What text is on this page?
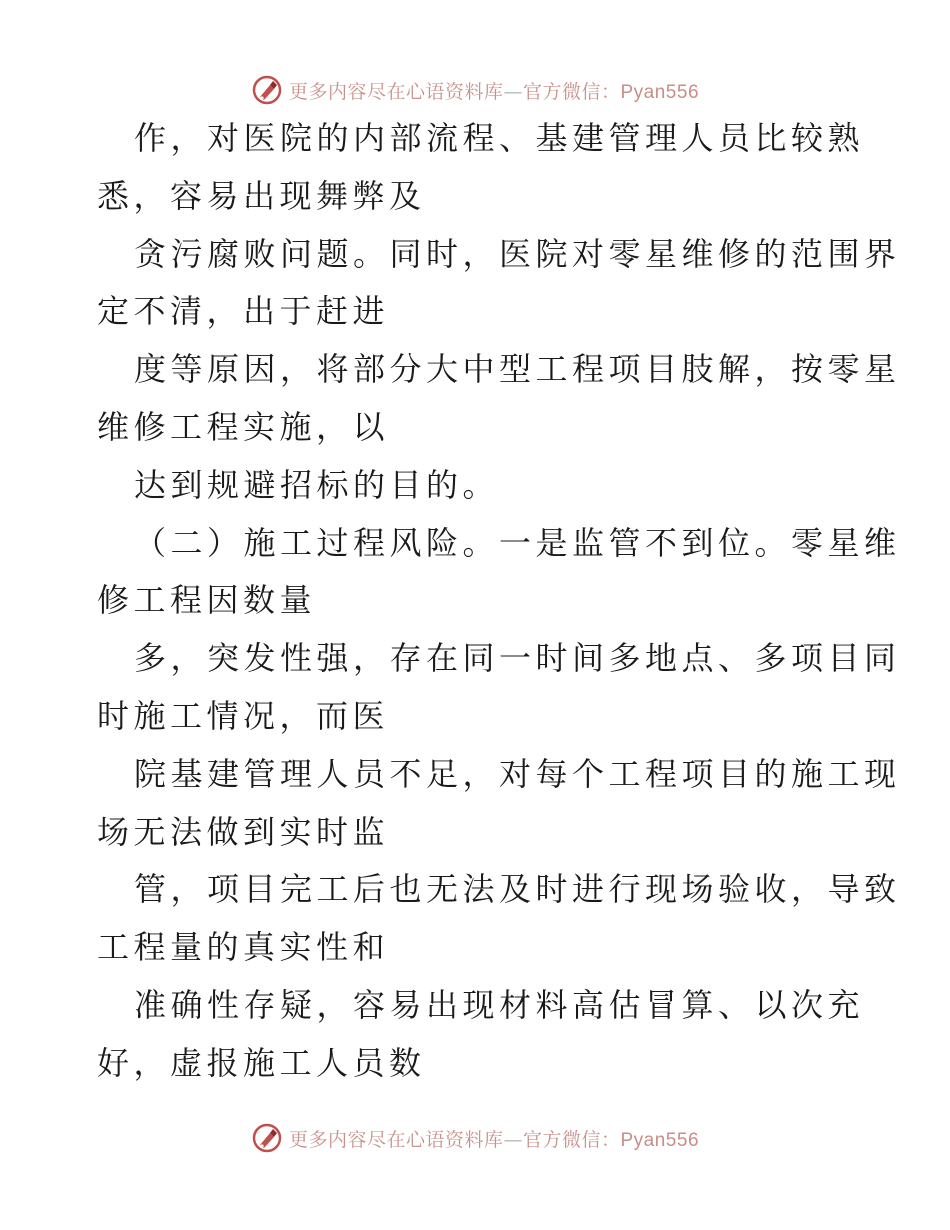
更多内容尽在心语资料库—官方微信：Pyan556
作，对医院的内部流程、基建管理人员比较熟
悉，容易出现舞弊及
贪污腐败问题。同时，医院对零星维修的范围界
定不清，出于赶进
度等原因，将部分大中型工程项目肢解，按零星
维修工程实施，以
达到规避招标的目的。
（二）施工过程风险。一是监管不到位。零星维
修工程因数量
多，突发性强，存在同一时间多地点、多项目同
时施工情况，而医
院基建管理人员不足，对每个工程项目的施工现
场无法做到实时监
管，项目完工后也无法及时进行现场验收，导致
工程量的真实性和
准确性存疑，容易出现材料高估冒算、以次充
好，虚报施工人员数
更多内容尽在心语资料库—官方微信：Pyan556
